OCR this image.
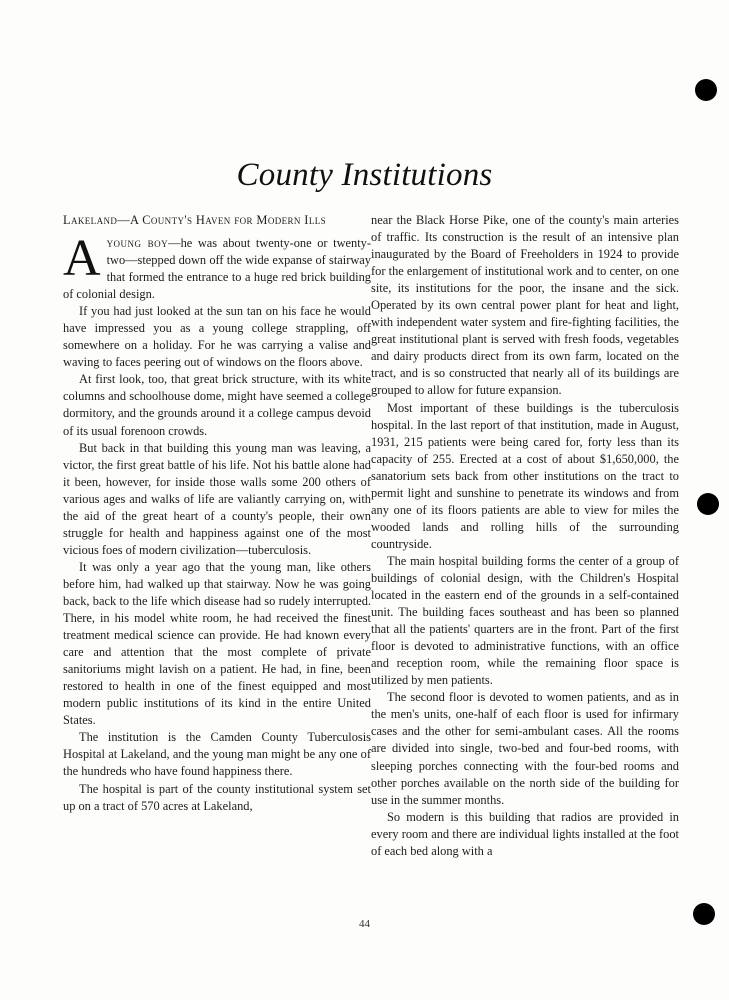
County Institutions
Lakeland—A County's Haven for Modern Ills

Ayoung boy—he was about twenty-one or twenty-two—stepped down off the wide expanse of stairway that formed the entrance to a huge red brick building of colonial design.

If you had just looked at the sun tan on his face he would have impressed you as a young college strappling, off somewhere on a holiday. For he was carrying a valise and waving to faces peering out of windows on the floors above.

At first look, too, that great brick structure, with its white columns and schoolhouse dome, might have seemed a college dormitory, and the grounds around it a college campus devoid of its usual forenoon crowds.

But back in that building this young man was leaving, a victor, the first great battle of his life. Not his battle alone had it been, however, for inside those walls some 200 others of various ages and walks of life are valiantly carrying on, with the aid of the great heart of a county's people, their own struggle for health and happiness against one of the most vicious foes of modern civilization—tuberculosis.

It was only a year ago that the young man, like others before him, had walked up that stairway. Now he was going back, back to the life which disease had so rudely interrupted. There, in his model white room, he had received the finest treatment medical science can provide. He had known every care and attention that the most complete of private sanitoriums might lavish on a patient. He had, in fine, been restored to health in one of the finest equipped and most modern public institutions of its kind in the entire United States.

The institution is the Camden County Tuberculosis Hospital at Lakeland, and the young man might be any one of the hundreds who have found happiness there.

The hospital is part of the county institutional system set up on a tract of 570 acres at Lakeland,

near the Black Horse Pike, one of the county's main arteries of traffic. Its construction is the result of an intensive plan inaugurated by the Board of Freeholders in 1924 to provide for the enlargement of institutional work and to center, on one site, its institutions for the poor, the insane and the sick. Operated by its own central power plant for heat and light, with independent water system and fire-fighting facilities, the great institutional plant is served with fresh foods, vegetables and dairy products direct from its own farm, located on the tract, and is so constructed that nearly all of its buildings are grouped to allow for future expansion.

Most important of these buildings is the tuberculosis hospital. In the last report of that institution, made in August, 1931, 215 patients were being cared for, forty less than its capacity of 255. Erected at a cost of about $1,650,000, the sanatorium sets back from other institutions on the tract to permit light and sunshine to penetrate its windows and from any one of its floors patients are able to view for miles the wooded lands and rolling hills of the surrounding countryside.

The main hospital building forms the center of a group of buildings of colonial design, with the Children's Hospital located in the eastern end of the grounds in a self-contained unit. The building faces southeast and has been so planned that all the patients' quarters are in the front. Part of the first floor is devoted to administrative functions, with an office and reception room, while the remaining floor space is utilized by men patients.

The second floor is devoted to women patients, and as in the men's units, one-half of each floor is used for infirmary cases and the other for semi-ambulant cases. All the rooms are divided into single, two-bed and four-bed rooms, with sleeping porches connecting with the four-bed rooms and other porches available on the north side of the building for use in the summer months.

So modern is this building that radios are provided in every room and there are individual lights installed at the foot of each bed along with a

44
